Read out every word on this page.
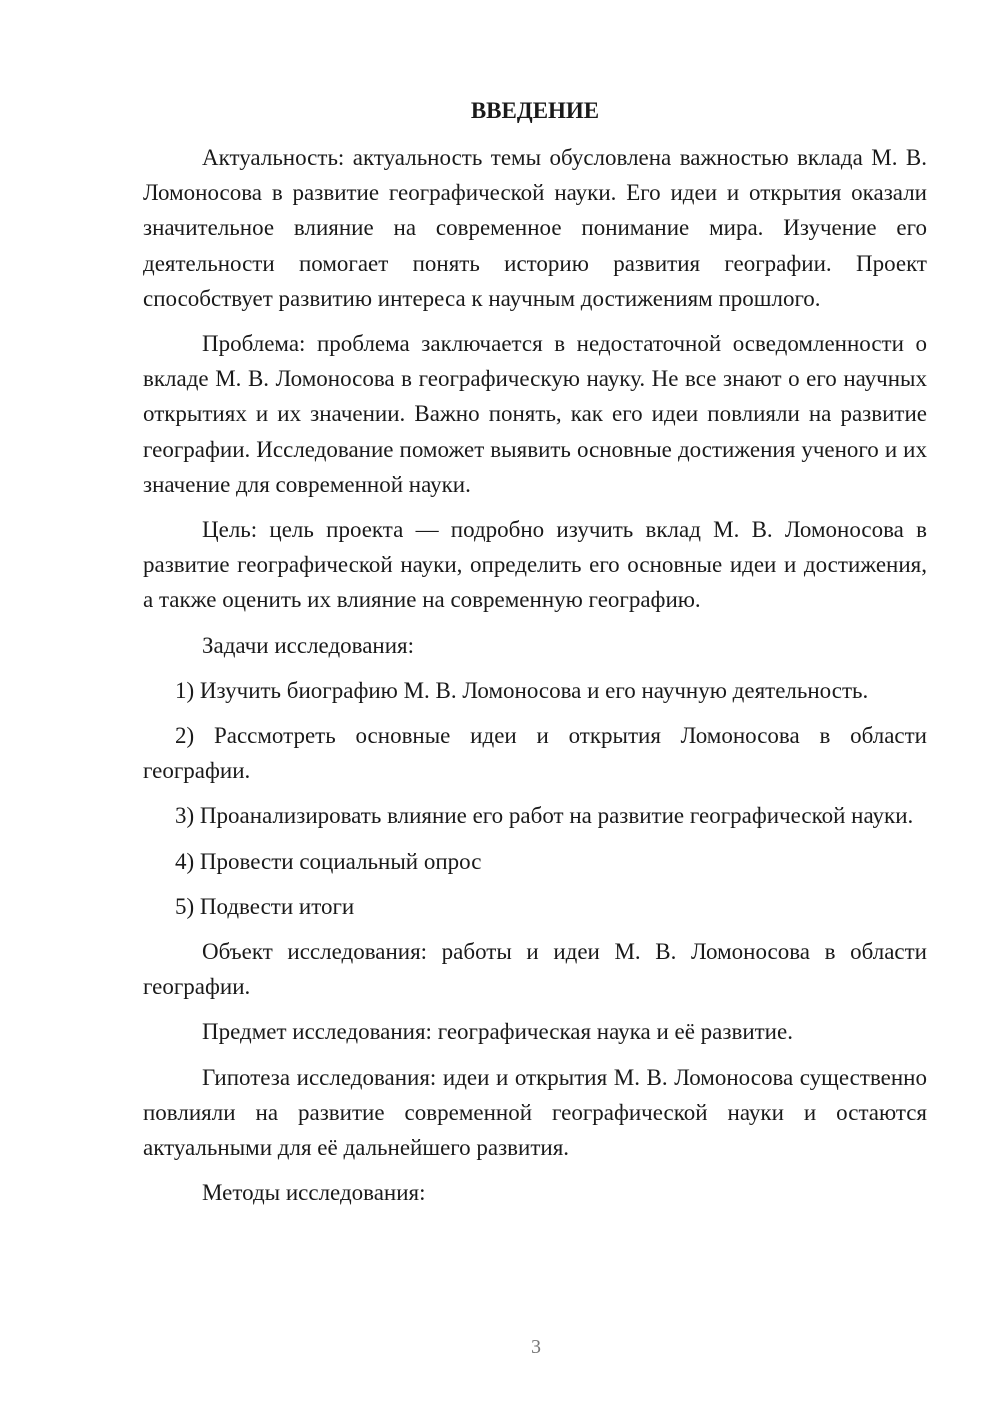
ВВЕДЕНИЕ

Актуальность: актуальность темы обусловлена важностью вклада М. В. Ломоносова в развитие географической науки. Его идеи и открытия оказали значительное влияние на современное понимание мира. Изучение его деятельности помогает понять историю развития географии. Проект способствует развитию интереса к научным достижениям прошлого.

Проблема: проблема заключается в недостаточной осведомленности о вкладе М. В. Ломоносова в географическую науку. Не все знают о его научных открытиях и их значении. Важно понять, как его идеи повлияли на развитие географии. Исследование поможет выявить основные достижения ученого и их значение для современной науки.

Цель: цель проекта — подробно изучить вклад М. В. Ломоносова в развитие географической науки, определить его основные идеи и достижения, а также оценить их влияние на современную географию.

Задачи исследования:

1) Изучить биографию М. В. Ломоносова и его научную деятельность.

2) Рассмотреть основные идеи и открытия Ломоносова в области географии.

3) Проанализировать влияние его работ на развитие географической науки.

4) Провести социальный опрос

5) Подвести итоги

Объект исследования: работы и идеи М. В. Ломоносова в области географии.

Предмет исследования: географическая наука и её развитие.

Гипотеза исследования: идеи и открытия М. В. Ломоносова существенно повлияли на развитие современной географической науки и остаются актуальными для её дальнейшего развития.

Методы исследования:

3
